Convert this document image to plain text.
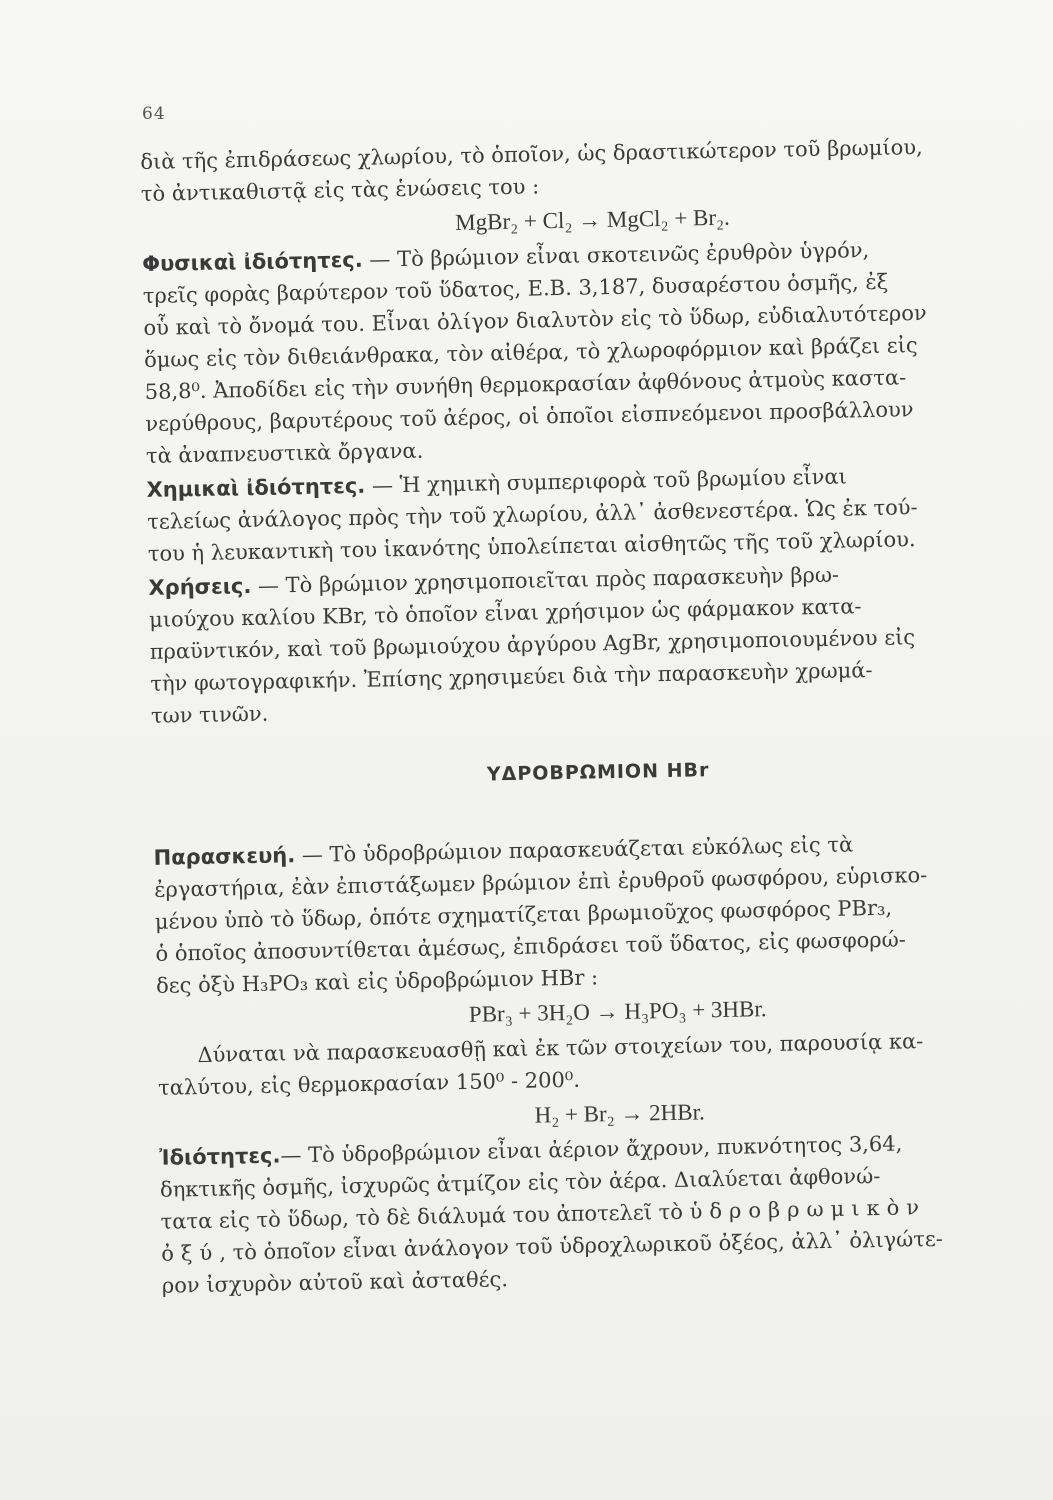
64
διὰ τῆς ἐπιδράσεως χλωρίου, τὸ ὁποῖον, ὡς δραστικώτερον τοῦ βρωμίου,
τὸ ἀντικαθιστᾷ εἰς τὰς ἑνώσεις του :
MgBr₂ + Cl₂ → MgCl₂ + Br₂.
Φυσικαὶ ἰδιότητες. — Τὸ βρώμιον εἶναι σκοτεινῶς ἐρυθρὸν ὑγρόν,
τρεῖς φορὰς βαρύτερον τοῦ ὕδατος, Ε.Β. 3,187, δυσαρέστου ὀσμῆς, ἐξ
οὗ καὶ τὸ ὄνομά του. Εἶναι ὀλίγον διαλυτὸν εἰς τὸ ὕδωρ, εὐδιαλυτότερον
ὅμως εἰς τὸν διθειάνθρακα, τὸν αἰθέρα, τὸ χλωροφόρμιον καὶ βράζει εἰς
58,8⁰. Ἀποδίδει εἰς τὴν συνήθη θερμοκρασίαν ἀφθόνους ἀτμοὺς καστα-
νερύθρους, βαρυτέρους τοῦ ἀέρος, οἱ ὁποῖοι εἰσπνεόμενοι προσβάλλουν
τὰ ἀναπνευστικὰ ὄργανα.
Χημικαὶ ἰδιότητες. — Ἡ χημικὴ συμπεριφορὰ τοῦ βρωμίου εἶναι
τελείως ἀνάλογος πρὸς τὴν τοῦ χλωρίου, ἀλλ᾽ ἀσθενεστέρα. Ὡς ἐκ τού-
του ἡ λευκαντικὴ του ἱκανότης ὑπολείπεται αἰσθητῶς τῆς τοῦ χλωρίου.
Χρήσεις. — Τὸ βρώμιον χρησιμοποιεῖται πρὸς παρασκευὴν βρω-
μιούχου καλίου KBr, τὸ ὁποῖον εἶναι χρήσιμον ὡς φάρμακον κατα-
πραϋντικόν, καὶ τοῦ βρωμιούχου ἀργύρου AgBr, χρησιμοποιουμένου εἰς
τὴν φωτογραφικήν. Ἐπίσης χρησιμεύει διὰ τὴν παρασκευὴν χρωμά-
των τινῶν.
ΥΔΡΟΒΡΩΜΙΟΝ HBr
Παρασκευή. — Τὸ ὑδροβρώμιον παρασκευάζεται εὐκόλως εἰς τὰ
ἐργαστήρια, ἐὰν ἐπιστάξωμεν βρώμιον ἐπὶ ἐρυθροῦ φωσφόρου, εὑρισκο-
μένου ὑπὸ τὸ ὕδωρ, ὁπότε σχηματίζεται βρωμιοῦχος φωσφόρος PBr₃,
ὁ ὁποῖος ἀποσυντίθεται ἀμέσως, ἐπιδράσει τοῦ ὕδατος, εἰς φωσφορώ-
δες ὀξὺ H₃PO₃ καὶ εἰς ὑδροβρώμιον HBr :
PBr₃ + 3H₂O → H₃PO₃ + 3HBr.
Δύναται νὰ παρασκευασθῇ καὶ ἐκ τῶν στοιχείων του, παρουσίᾳ κα-
ταλύτου, εἰς θερμοκρασίαν 150⁰ - 200⁰.
H₂ + Br₂ → 2HBr.
Ἰδιότητες.— Τὸ ὑδροβρώμιον εἶναι ἀέριον ἄχρουν, πυκνότητος 3,64,
δηκτικῆς ὀσμῆς, ἰσχυρῶς ἀτμίζον εἰς τὸν ἀέρα. Διαλύεται ἀφθονώ-
τατα εἰς τὸ ὕδωρ, τὸ δὲ διάλυμά του ἀποτελεῖ τὸ ὑδροβρωμικὸν
ὀξύ, τὸ ὁποῖον εἶναι ἀνάλογον τοῦ ὑδροχλωρικοῦ ὀξέος, ἀλλ᾽ ὀλιγώτε-
ρον ἰσχυρὸν αὐτοῦ καὶ ἀσταθές.
